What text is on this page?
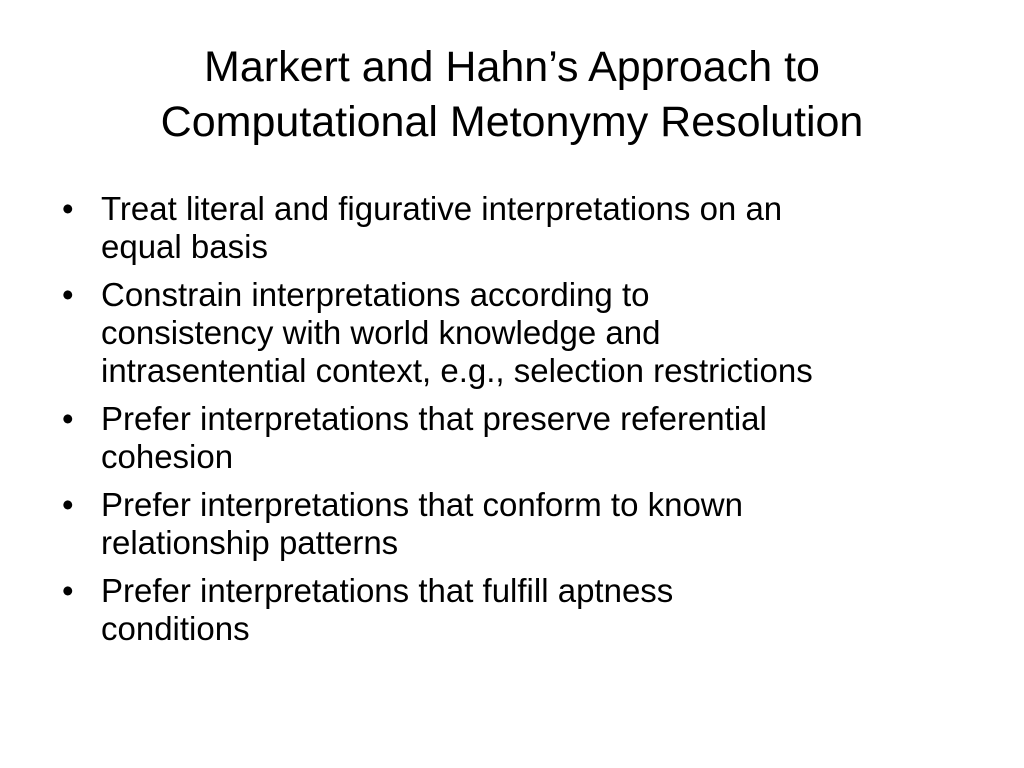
Markert and Hahn’s Approach to
Computational Metonymy Resolution
• Treat literal and figurative interpretations on an
equal basis
• Constrain interpretations according to
consistency with world knowledge and
intrasentential context, e.g., selection restrictions
• Prefer interpretations that preserve referential
cohesion
• Prefer interpretations that conform to known
relationship patterns
• Prefer interpretations that fulfill aptness
conditions
